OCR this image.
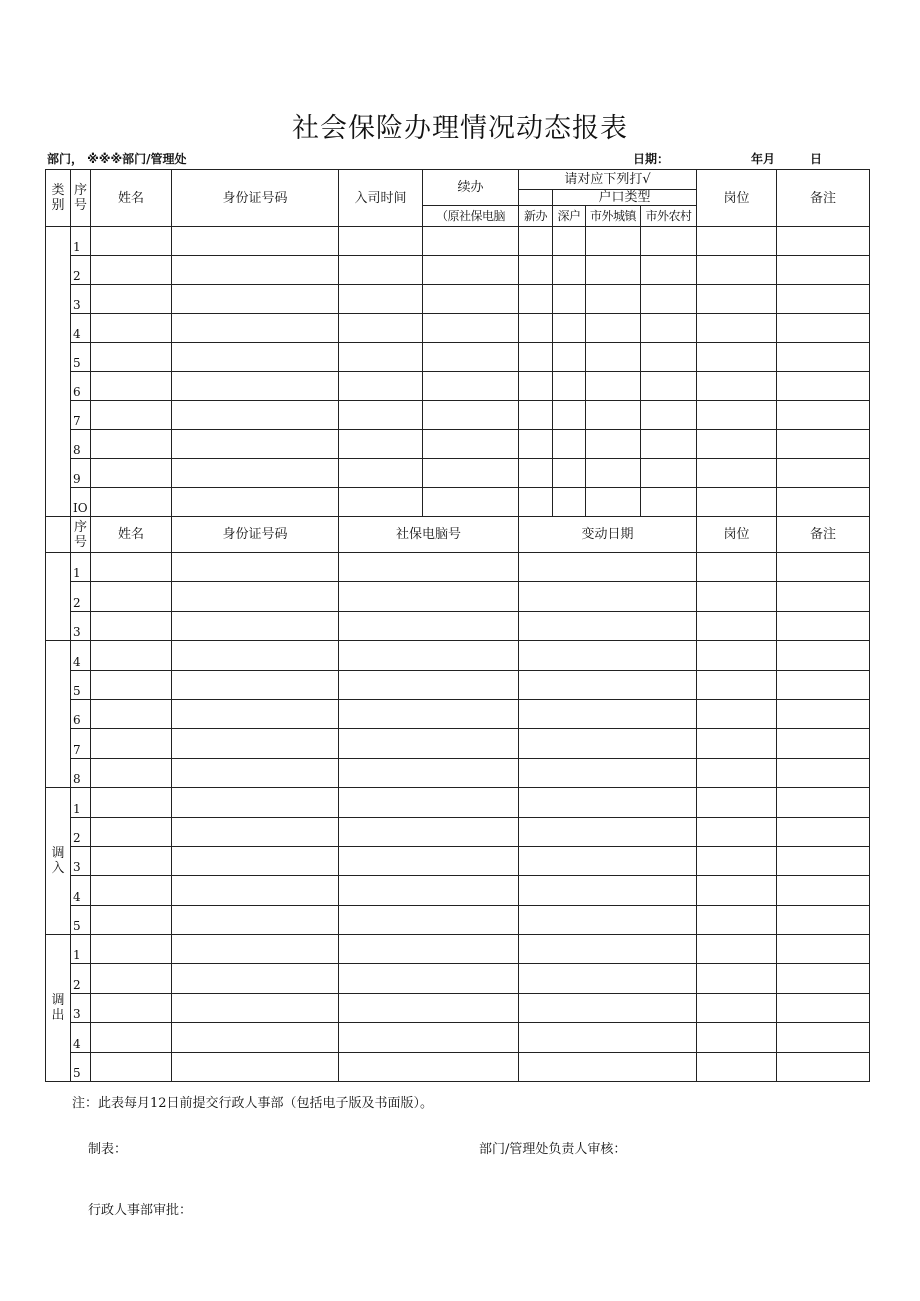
社会保险办理情况动态报表
部门， ※※※部门/管理处	日期：	年月	日
类别	序号	姓名	身份证号码	入司时间	续办	请对应下列打√				岗位	备注
							户口类型				
					（原社保电脑	新办	深户	市外城镇	市外农村		
	1										
	2										
	3										
	4										
	5										
	6										
	7										
	8										
	9										
	IO										
	序号	姓名	身份证号码	社保电脑号		变动日期				岗位	备注
	1										
	2										
	3										
	4										
	5										
	6										
	7										
	8										
调入	1										
	2										
	3										
	4										
	5										
调出	1										
	2										
	3										
	4										
	5										
注：此表每月12日前提交行政人事部（包括电子版及书面版）。
制表：	部门/管理处负责人审核：
行政人事部审批：
